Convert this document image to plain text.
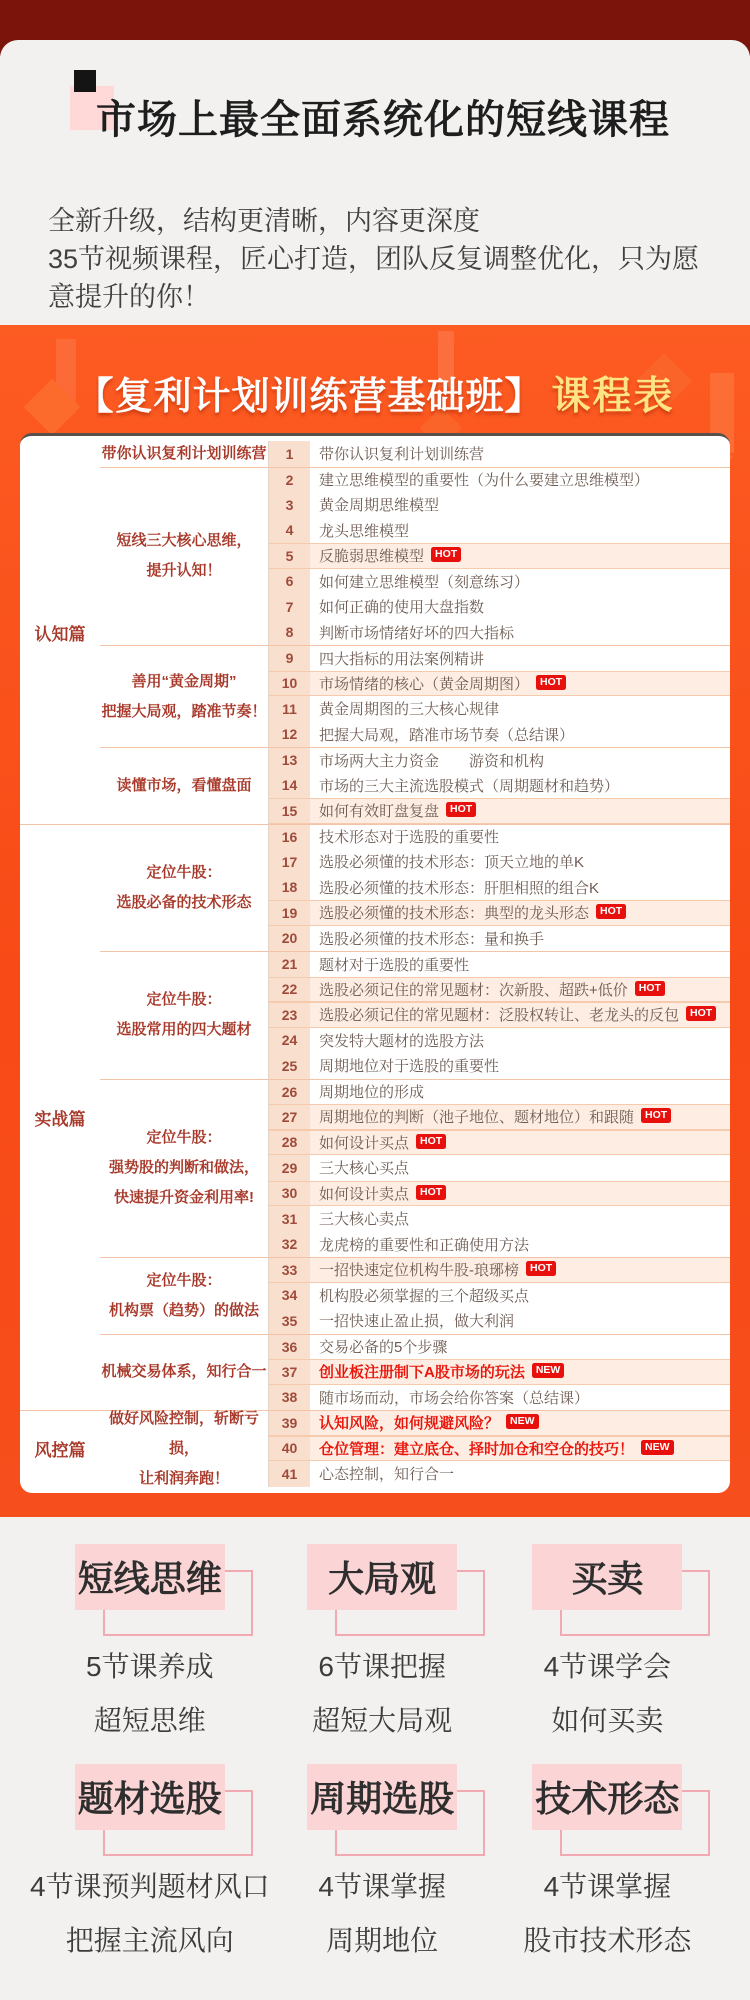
市场上最全面系统化的短线课程
全新升级，结构更清晰，内容更深度
35节视频课程，匠心打造，团队反复调整优化，只为愿
意提升的你！
【复利计划训练营基础班】 课程表
认知篇
带你认识复利计划训练营	1	带你认识复利计划训练营
短线三大核心思维，
提升认知！
2	建立思维模型的重要性（为什么要建立思维模型）
3	黄金周期思维模型
4	龙头思维模型
5	反脆弱思维模型	HOT
6	如何建立思维模型（刻意练习）
7	如何正确的使用大盘指数
8	判断市场情绪好坏的四大指标
善用“黄金周期”
把握大局观，踏准节奏！
9	四大指标的用法案例精讲
10	市场情绪的核心（黄金周期图）	HOT
11	黄金周期图的三大核心规律
12	把握大局观，踏准市场节奏（总结课）
读懂市场，看懂盘面
13	市场两大主力资金　　游资和机构
14	市场的三大主流选股模式（周期题材和趋势）
15	如何有效盯盘复盘	HOT
实战篇
定位牛股：
选股必备的技术形态
16	技术形态对于选股的重要性
17	选股必须懂的技术形态：顶天立地的单K
18	选股必须懂的技术形态：肝胆相照的组合K
19	选股必须懂的技术形态：典型的龙头形态	HOT
20	选股必须懂的技术形态：量和换手
定位牛股：
选股常用的四大题材
21	题材对于选股的重要性
22	选股必须记住的常见题材：次新股、超跌+低价	HOT
23	选股必须记住的常见题材：泛股权转让、老龙头的反包	HOT
24	突发特大题材的选股方法
25	周期地位对于选股的重要性
定位牛股：
强势股的判断和做法，
快速提升资金利用率!
26	周期地位的形成
27	周期地位的判断（池子地位、题材地位）和跟随	HOT
28	如何设计买点	HOT
29	三大核心买点
30	如何设计卖点	HOT
31	三大核心卖点
32	龙虎榜的重要性和正确使用方法
定位牛股：
机构票（趋势）的做法
33	一招快速定位机构牛股-琅琊榜	HOT
34	机构股必须掌握的三个超级买点
35	一招快速止盈止损，做大利润
机械交易体系，知行合一
36	交易必备的5个步骤
37	创业板注册制下A股市场的玩法	NEW
38	随市场而动，市场会给你答案（总结课）
风控篇
做好风险控制，斩断亏损，
让利润奔跑！
39	认知风险，如何规避风险？	NEW
40	仓位管理：建立底仓、择时加仓和空仓的技巧！	NEW
41	心态控制，知行合一
短线思维
5节课养成
超短思维
大局观
6节课把握
超短大局观
买卖
4节课学会
如何买卖
题材选股
4节课预判题材风口
把握主流风向
周期选股
4节课掌握
周期地位
技术形态
4节课掌握
股市技术形态
